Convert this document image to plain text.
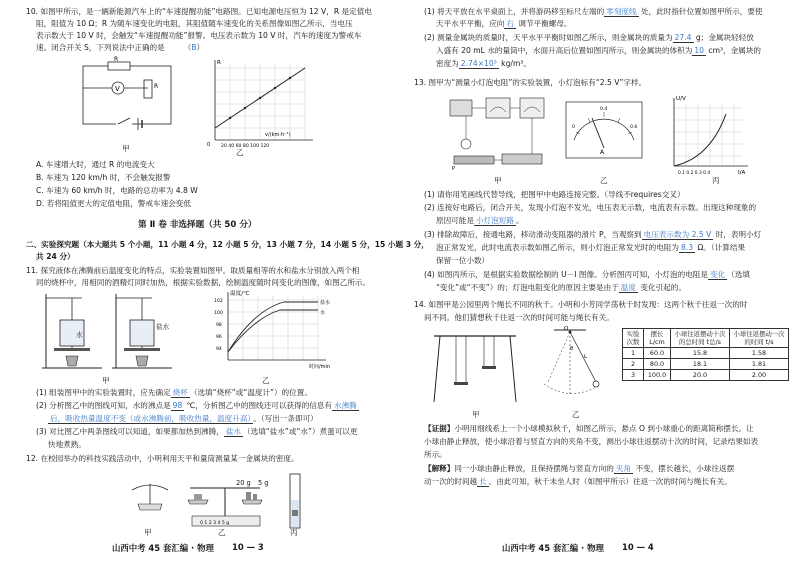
10. 如图甲所示，是一辆新能源汽车上的“车速提醒功能”电路图。已知电源电压恒为 12 V，R 是定值电
阻，阻值为 10 Ω；R 为随车速变化的电阻，其阻值随车速变化的关系图像如图乙所示，当电压
表示数大于 10 V 时，会触发“车速提醒功能”报警。电压表示数为 10 V 时，汽车的速度为警戒车
速。闭合开关 S，下列说法中正确的是　　　（B）
V
R
R
甲
R
0
v/(km·h⁻¹)
20 40 60 80 100 120
乙
A. 车速增大时，通过 R 的电流变大
B. 车速为 120 km/h 时，不会触发报警
C. 车速为 60 km/h 时，电路的总功率为 4.8 W
D. 若将阻值更大的定值电阻，警戒车速会变低
第 Ⅱ 卷 非选择题（共 50 分）
二、实验探究题（本大题共 5 个小题，11 小题 4 分，12 小题 5 分，13 小题 7 分，14 小题 5 分，15 小题 3 分，
共 24 分）
11. 探究液体在沸腾前后温度变化的特点，实验装置如图甲。取质量相等的水和盐水分别放入两个相
同的烧杯中，用相同的酒精灯同时加热，根据实验数据，绘制温度随时间变化的图像，如图乙所示。
水
盐水
甲
温度/℃
102
100
98
96
94
时间/min
盐水
水
乙
(1) 组装图甲中的实验装置时，应先确定 烧杯 （选填“烧杯”或“温度计”）的位置。
(2) 分析图乙中的图线可知，水的沸点是 98 ℃，分析图乙中的图线还可以获得的信息有 水沸腾
后，吸收热量温度不变（或水沸腾前，吸收热量，温度升高） 。（写出一条即可）
(3) 对比图乙中两条图线可以知道，如果都加热到沸腾， 盐水 （选填“盐水”或“水”）煮蛋可以更
快地煮熟。
12. 在校园举办的科技实践活动中，小明利用天平和量筒测量某一金属块的密度。
0 1 2 3 4 5 g
20 g 5 g
甲	乙	丙
山西中考 45 套汇编 · 物理 10 — 3
(1) 将天平放在水平桌面上，并将游码移至标尺左端的 零刻度线 处，此时指针位置如图甲所示，要使
天平水平平衡，应向 右 调节平衡螺母。
(2) 测量金属块的质量时，天平水平平衡时如图乙所示，则金属块的质量为 27.4 g；金属块轻轻放
入盛有 20 mL 水的量筒中，水面升高后位置如图丙所示，则金属块的体积为 10 cm³，金属块的
密度为 2.74×10³ kg/m³。
13. 图甲为“测量小灯泡电阻”的实验装置，小灯泡标有“2.5 V”字样。
P
甲
A
0
0.4
0.6
乙
U/V
I/A
0.1 0.2 0.3 0.4
丙
(1) 请你用笔画线代替导线，把图甲中电路连接完整。（导线不requires交叉）
(2) 连接好电路后，闭合开关，发现小灯泡不发光，电压表无示数，电流表有示数。出现这种现象的
原因可能是 小灯泡短路 。
(3) 排除故障后，接通电路，移动滑动变阻器的滑片 P，当观察到 电压表示数为 2.5 V 时，表明小灯
泡正常发光，此时电流表示数如图乙所示，则小灯泡正常发光时的电阻为 8.3 Ω。（计算结果
保留一位小数）
(4) 如图丙所示，是根据实验数据绘制的 U－I 图像。分析图丙可知，小灯泡的电阻是 变化 （选填
“变化”或“不变”）的；灯泡电阻变化的原因主要是由于 温度 变化引起的。
14. 如图甲是公园里两个绳长不同的秋千。小明和小芳同学荡秋千时发现：这两个秋千往返一次的时
间不同。他们猜想秋千往返一次的时间可能与绳长有关。
甲
O
L
θ
乙
实验次数	摆长 L/cm	小球往返摆动十次的总时间 t总/s	小球往返摆动一次的时间 t/s
1	60.0	15.8	1.58
2	80.0	18.1	1.81
3	100.0	20.0	2.00
【证据】小明用细线系上一个小球模拟秋千，如图乙所示，悬点 O 到小球重心的距离简称摆长。让
小球由静止释放，使小球沿着与竖直方向的夹角不变，测出小球往返摆动十次的时间，记录结果如表
所示。
【解释】同一小球由静止释放，且保持摆绳与竖直方向的 夹角 不变，摆长越长，小球往返摆
动一次的时间越 长 。由此可知，秋千未坐人时（如图甲所示）往返一次的时间与绳长有关。
山西中考 45 套汇编 · 物理 10 — 4
